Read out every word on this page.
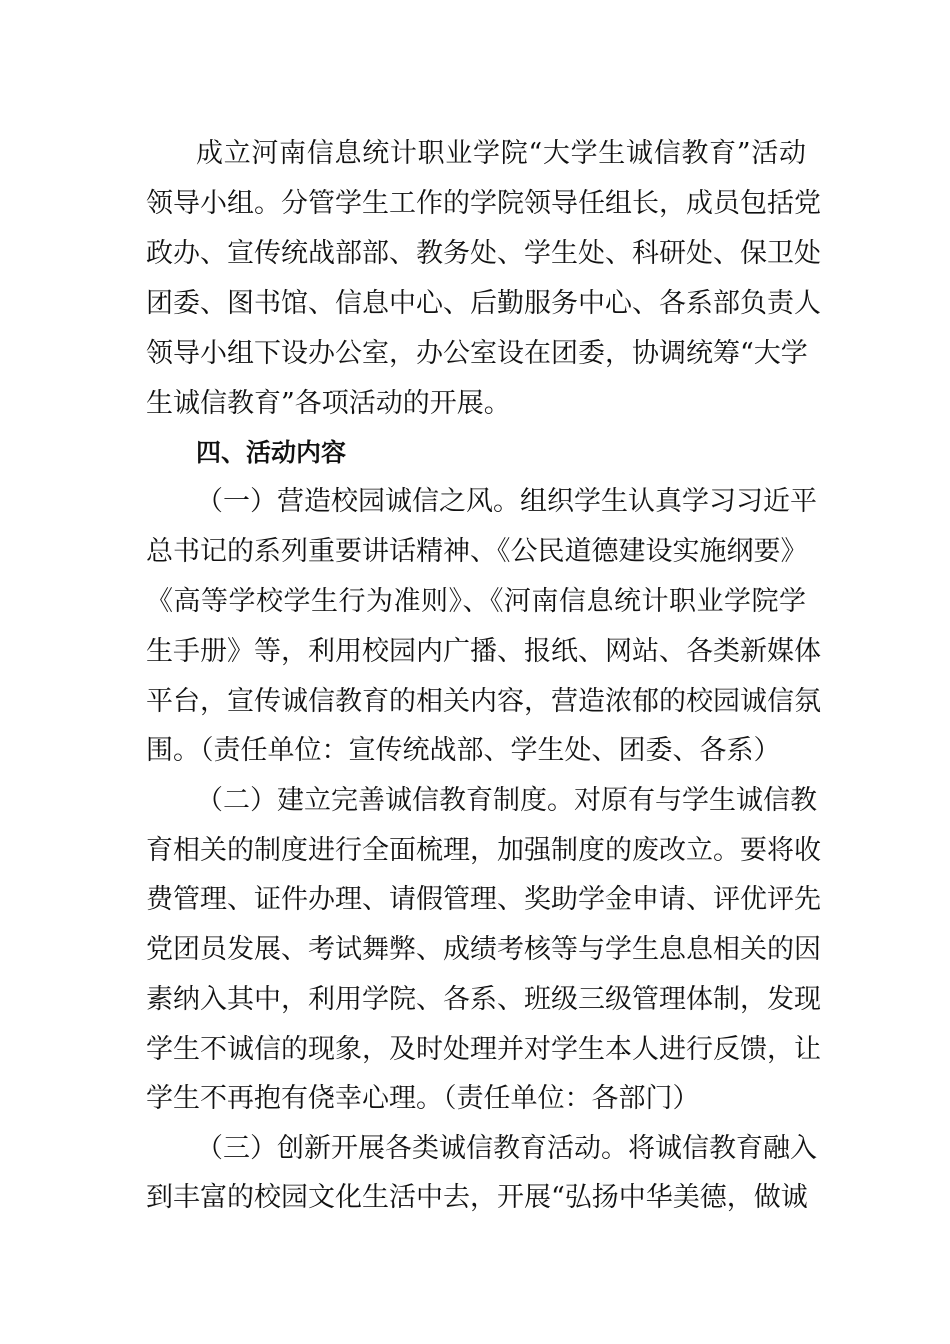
成立河南信息统计职业学院“大学生诚信教育”活动
领导小组。分管学生工作的学院领导任组长，成员包括党
政办、宣传统战部部、教务处、学生处、科研处、保卫处
团委、图书馆、信息中心、后勤服务中心、各系部负责人
领导小组下设办公室，办公室设在团委，协调统筹“大学
生诚信教育”各项活动的开展。
四、活动内容
（一）营造校园诚信之风。组织学生认真学习习近平
总书记的系列重要讲话精神、《公民道德建设实施纲要》
《高等学校学生行为准则》、《河南信息统计职业学院学
生手册》等，利用校园内广播、报纸、网站、各类新媒体
平台，宣传诚信教育的相关内容，营造浓郁的校园诚信氛
围。（责任单位：宣传统战部、学生处、团委、各系）
（二）建立完善诚信教育制度。对原有与学生诚信教
育相关的制度进行全面梳理，加强制度的废改立。要将收
费管理、证件办理、请假管理、奖助学金申请、评优评先
党团员发展、考试舞弊、成绩考核等与学生息息相关的因
素纳入其中，利用学院、各系、班级三级管理体制，发现
学生不诚信的现象，及时处理并对学生本人进行反馈，让
学生不再抱有侥幸心理。（责任单位：各部门）
（三）创新开展各类诚信教育活动。将诚信教育融入
到丰富的校园文化生活中去，开展“弘扬中华美德，做诚
